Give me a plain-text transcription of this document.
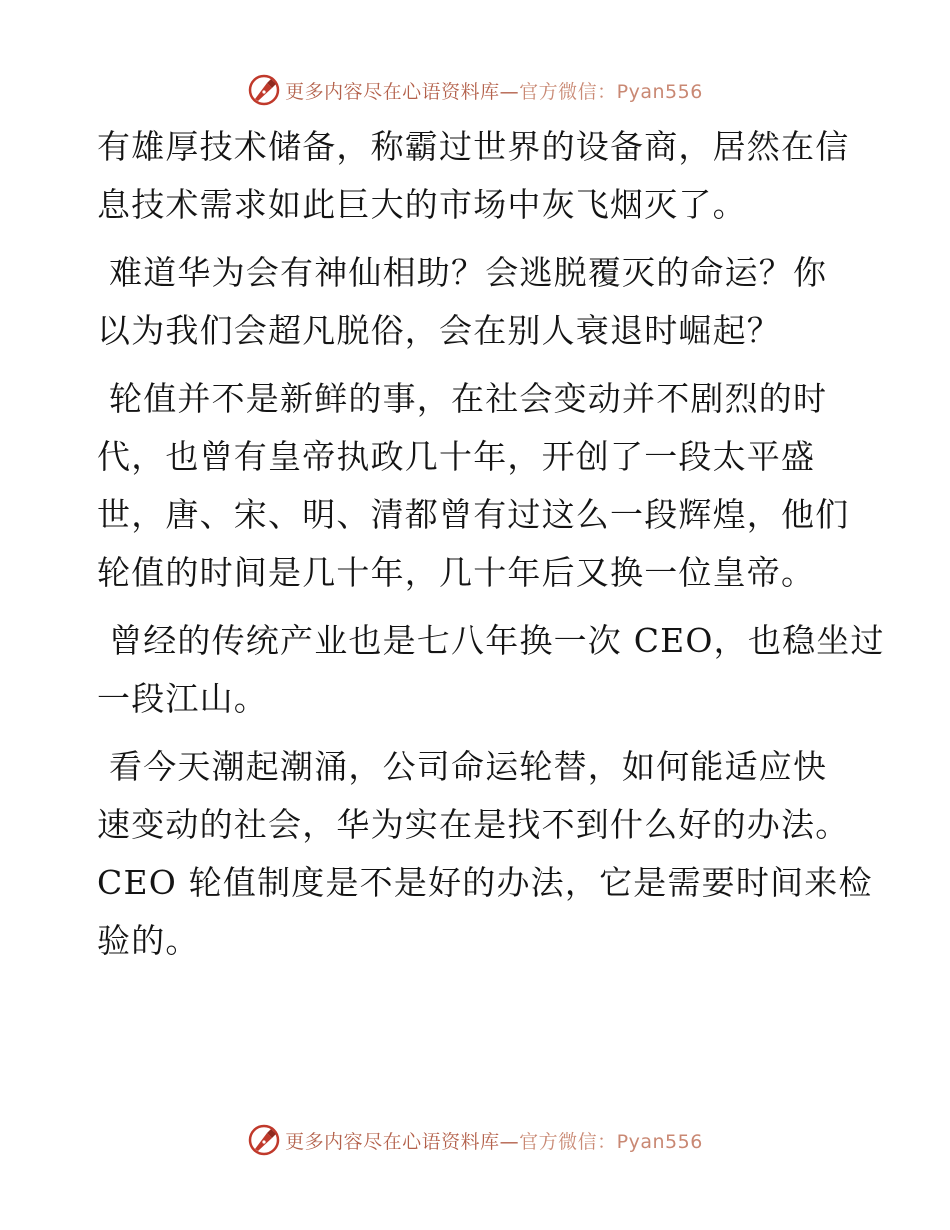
更多内容尽在心语资料库—官方微信：Pyan556
有雄厚技术储备，称霸过世界的设备商，居然在信
息技术需求如此巨大的市场中灰飞烟灭了。
难道华为会有神仙相助？会逃脱覆灭的命运？你
以为我们会超凡脱俗，会在别人衰退时崛起？
轮值并不是新鲜的事，在社会变动并不剧烈的时
代，也曾有皇帝执政几十年，开创了一段太平盛
世，唐、宋、明、清都曾有过这么一段辉煌，他们
轮值的时间是几十年，几十年后又换一位皇帝。
曾经的传统产业也是七八年换一次 CEO，也稳坐过
一段江山。
看今天潮起潮涌，公司命运轮替，如何能适应快
速变动的社会，华为实在是找不到什么好的办法。
CEO 轮值制度是不是好的办法，它是需要时间来检
验的。
更多内容尽在心语资料库—官方微信：Pyan556
